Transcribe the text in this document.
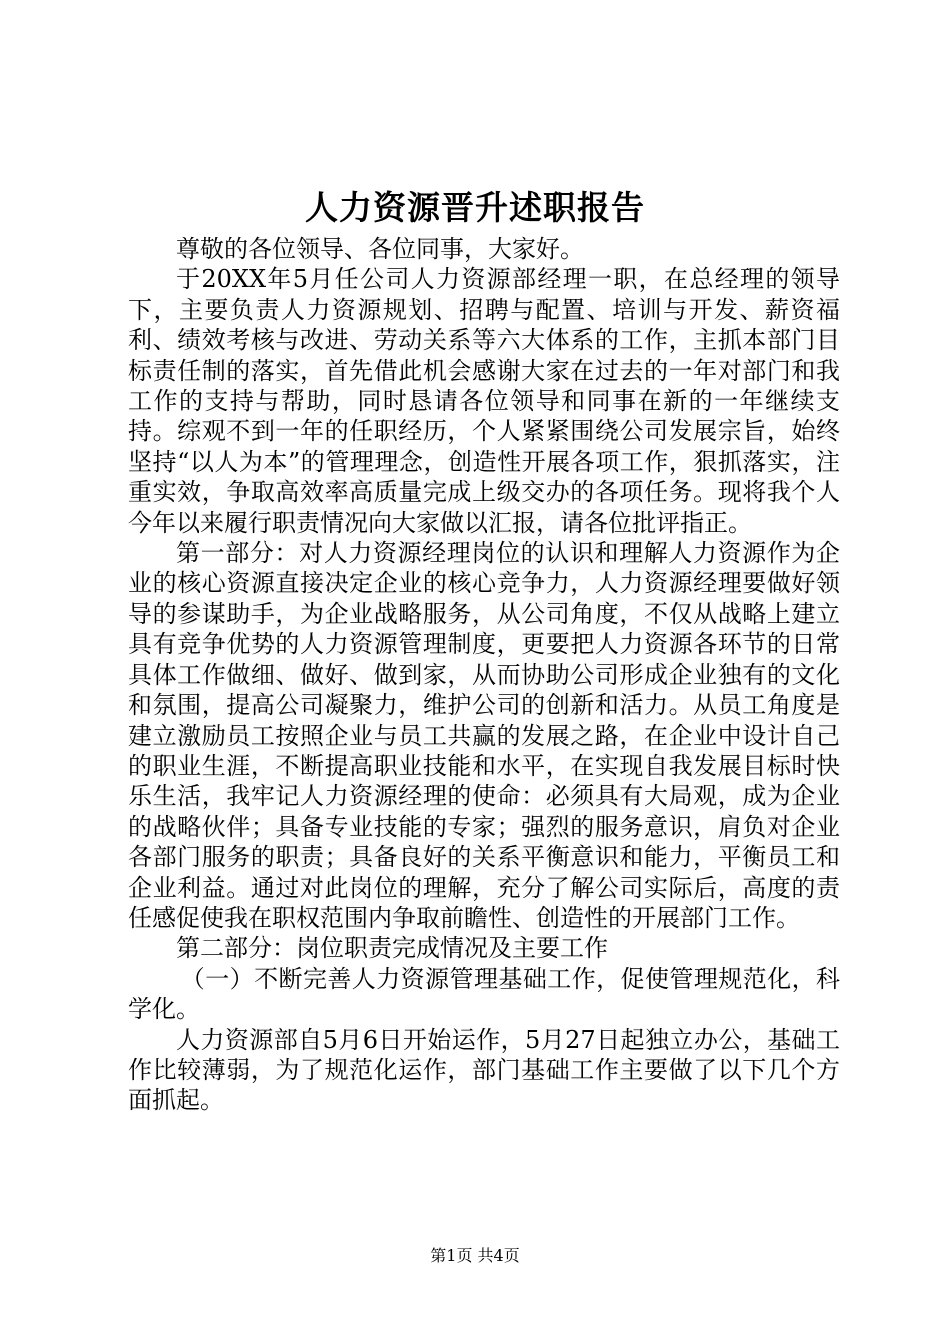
人力资源晋升述职报告

尊敬的各位领导、各位同事，大家好。

于20XX年5月任公司人力资源部经理一职，在总经理的领导下，主要负责人力资源规划、招聘与配置、培训与开发、薪资福利、绩效考核与改进、劳动关系等六大体系的工作，主抓本部门目标责任制的落实，首先借此机会感谢大家在过去的一年对部门和我工作的支持与帮助，同时恳请各位领导和同事在新的一年继续支持。综观不到一年的任职经历，个人紧紧围绕公司发展宗旨，始终坚持“以人为本”的管理理念，创造性开展各项工作，狠抓落实，注重实效，争取高效率高质量完成上级交办的各项任务。现将我个人今年以来履行职责情况向大家做以汇报，请各位批评指正。

第一部分：对人力资源经理岗位的认识和理解人力资源作为企业的核心资源直接决定企业的核心竞争力，人力资源经理要做好领导的参谋助手，为企业战略服务，从公司角度，不仅从战略上建立具有竞争优势的人力资源管理制度，更要把人力资源各环节的日常具体工作做细、做好、做到家，从而协助公司形成企业独有的文化和氛围，提高公司凝聚力，维护公司的创新和活力。从员工角度是建立激励员工按照企业与员工共赢的发展之路，在企业中设计自己的职业生涯，不断提高职业技能和水平，在实现自我发展目标时快乐生活，我牢记人力资源经理的使命：必须具有大局观，成为企业的战略伙伴；具备专业技能的专家；强烈的服务意识，肩负对企业各部门服务的职责；具备良好的关系平衡意识和能力，平衡员工和企业利益。通过对此岗位的理解，充分了解公司实际后，高度的责任感促使我在职权范围内争取前瞻性、创造性的开展部门工作。

第二部分：岗位职责完成情况及主要工作

（一）不断完善人力资源管理基础工作，促使管理规范化，科学化。

人力资源部自5月6日开始运作，5月27日起独立办公，基础工作比较薄弱，为了规范化运作，部门基础工作主要做了以下几个方面抓起。

第1页 共4页
